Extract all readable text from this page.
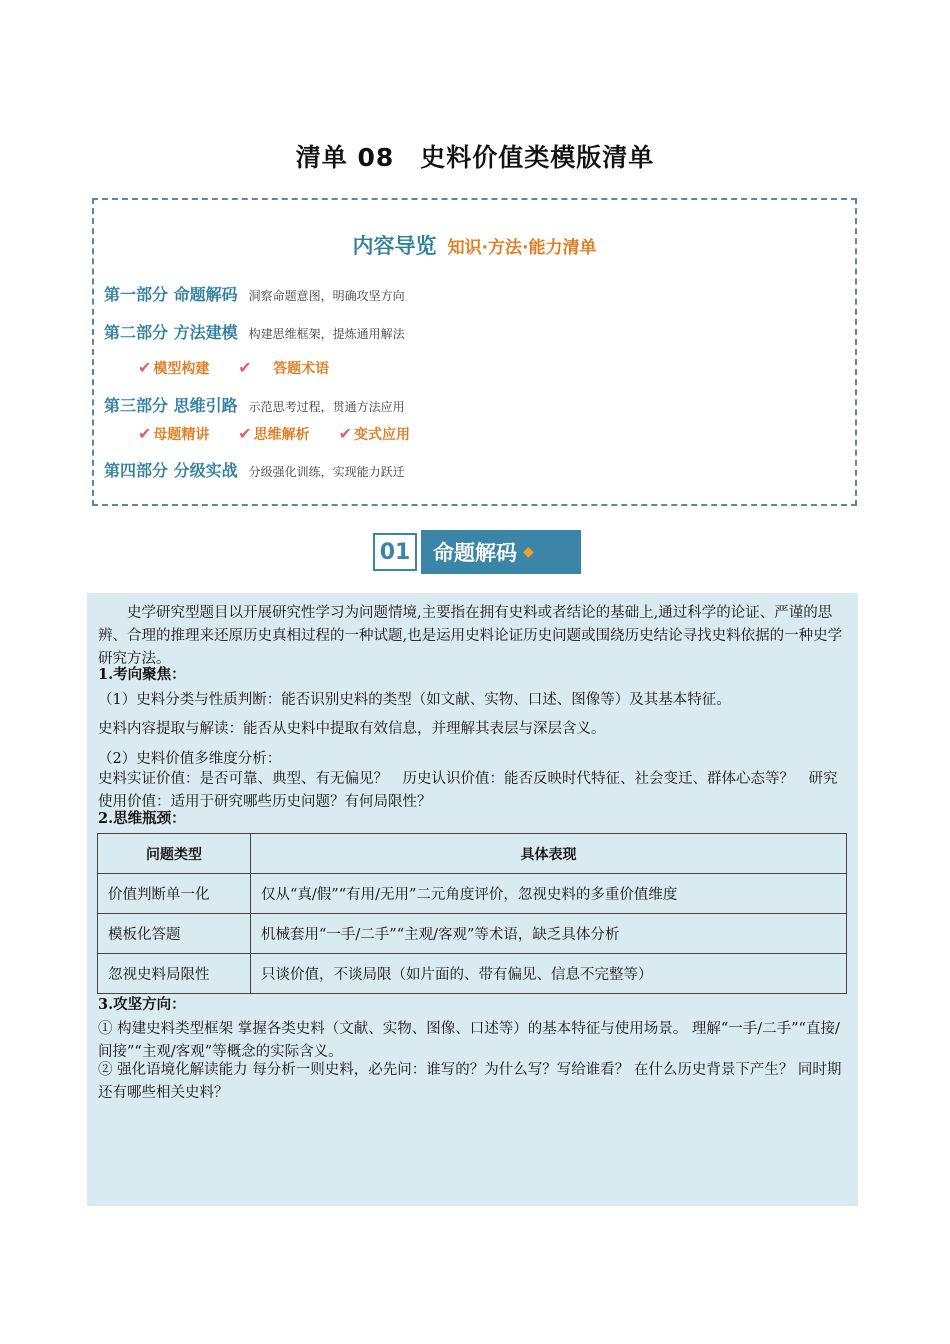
清单 08　史料价值类模版清单
内容导览 知识·方法·能力清单
第一部分 命题解码 洞察命题意图，明确攻坚方向
第二部分 方法建模 构建思维框架，提炼通用解法
✔ 模型构建 ✔ 答题术语
第三部分 思维引路 示范思考过程，贯通方法应用
✔ 母题精讲 ✔ 思维解析 ✔ 变式应用
第四部分 分级实战 分级强化训练，实现能力跃迁
01	命题解码 ◆
史学研究型题目以开展研究性学习为问题情境,主要指在拥有史料或者结论的基础上,通过科学的论证、严谨的思辨、合理的推理来还原历史真相过程的一种试题,也是运用史料论证历史问题或围绕历史结论寻找史料依据的一种史学研究方法。
1.考向聚焦：
（1）史料分类与性质判断：能否识别史料的类型（如文献、实物、口述、图像等）及其基本特征。
史料内容提取与解读：能否从史料中提取有效信息，并理解其表层与深层含义。
（2）史料价值多维度分析：
史料实证价值：是否可靠、典型、有无偏见？　历史认识价值：能否反映时代特征、社会变迁、群体心态等？　研究使用价值：适用于研究哪些历史问题？有何局限性？
2.思维瓶颈：
问题类型	具体表现
价值判断单一化	仅从“真/假”“有用/无用”二元角度评价，忽视史料的多重价值维度
模板化答题	机械套用“一手/二手”“主观/客观”等术语，缺乏具体分析
忽视史料局限性	只谈价值，不谈局限（如片面的、带有偏见、信息不完整等）
3.攻坚方向：
① 构建史料类型框架 掌握各类史料（文献、实物、图像、口述等）的基本特征与使用场景。 理解“一手/二手”“直接/间接”“主观/客观”等概念的实际含义。
② 强化语境化解读能力 每分析一则史料，必先问：谁写的？为什么写？写给谁看？ 在什么历史背景下产生？ 同时期还有哪些相关史料？
